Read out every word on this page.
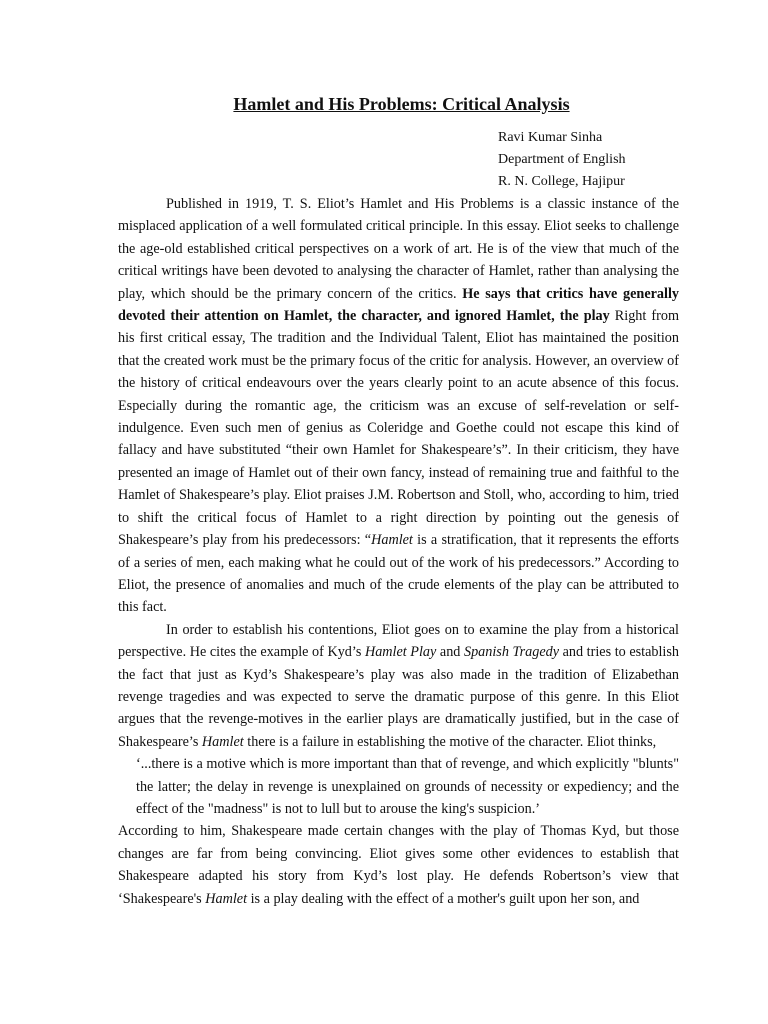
Hamlet and His Problems: Critical Analysis
Ravi Kumar Sinha
Department of English
R. N. College, Hajipur

Published in 1919, T. S. Eliot’s Hamlet and His Problems is a classic instance of the misplaced application of a well formulated critical principle. In this essay. Eliot seeks to challenge the age-old established critical perspectives on a work of art. He is of the view that much of the critical writings have been devoted to analysing the character of Hamlet, rather than analysing the play, which should be the primary concern of the critics. He says that critics have generally devoted their attention on Hamlet, the character, and ignored Hamlet, the play Right from his first critical essay, The tradition and the Individual Talent, Eliot has maintained the position that the created work must be the primary focus of the critic for analysis. However, an overview of the history of critical endeavours over the years clearly point to an acute absence of this focus. Especially during the romantic age, the criticism was an excuse of self-revelation or self-indulgence. Even such men of genius as Coleridge and Goethe could not escape this kind of fallacy and have substituted “their own Hamlet for Shakespeare’s”. In their criticism, they have presented an image of Hamlet out of their own fancy, instead of remaining true and faithful to the Hamlet of Shakespeare’s play. Eliot praises J.M. Robertson and Stoll, who, according to him, tried to shift the critical focus of Hamlet to a right direction by pointing out the genesis of Shakespeare’s play from his predecessors: “Hamlet is a stratification, that it represents the efforts of a series of men, each making what he could out of the work of his predecessors.” According to Eliot, the presence of anomalies and much of the crude elements of the play can be attributed to this fact.

In order to establish his contentions, Eliot goes on to examine the play from a historical perspective. He cites the example of Kyd’s Hamlet Play and Spanish Tragedy and tries to establish the fact that just as Kyd’s Shakespeare’s play was also made in the tradition of Elizabethan revenge tragedies and was expected to serve the dramatic purpose of this genre. In this Eliot argues that the revenge-motives in the earlier plays are dramatically justified, but in the case of Shakespeare’s Hamlet there is a failure in establishing the motive of the character. Eliot thinks,

‘...there is a motive which is more important than that of revenge, and which explicitly "blunts" the latter; the delay in revenge is unexplained on grounds of necessity or expediency; and the effect of the "madness" is not to lull but to arouse the king's suspicion.’

According to him, Shakespeare made certain changes with the play of Thomas Kyd, but those changes are far from being convincing. Eliot gives some other evidences to establish that Shakespeare adapted his story from Kyd’s lost play. He defends Robertson’s view that ‘Shakespeare's Hamlet is a play dealing with the effect of a mother's guilt upon her son, and
